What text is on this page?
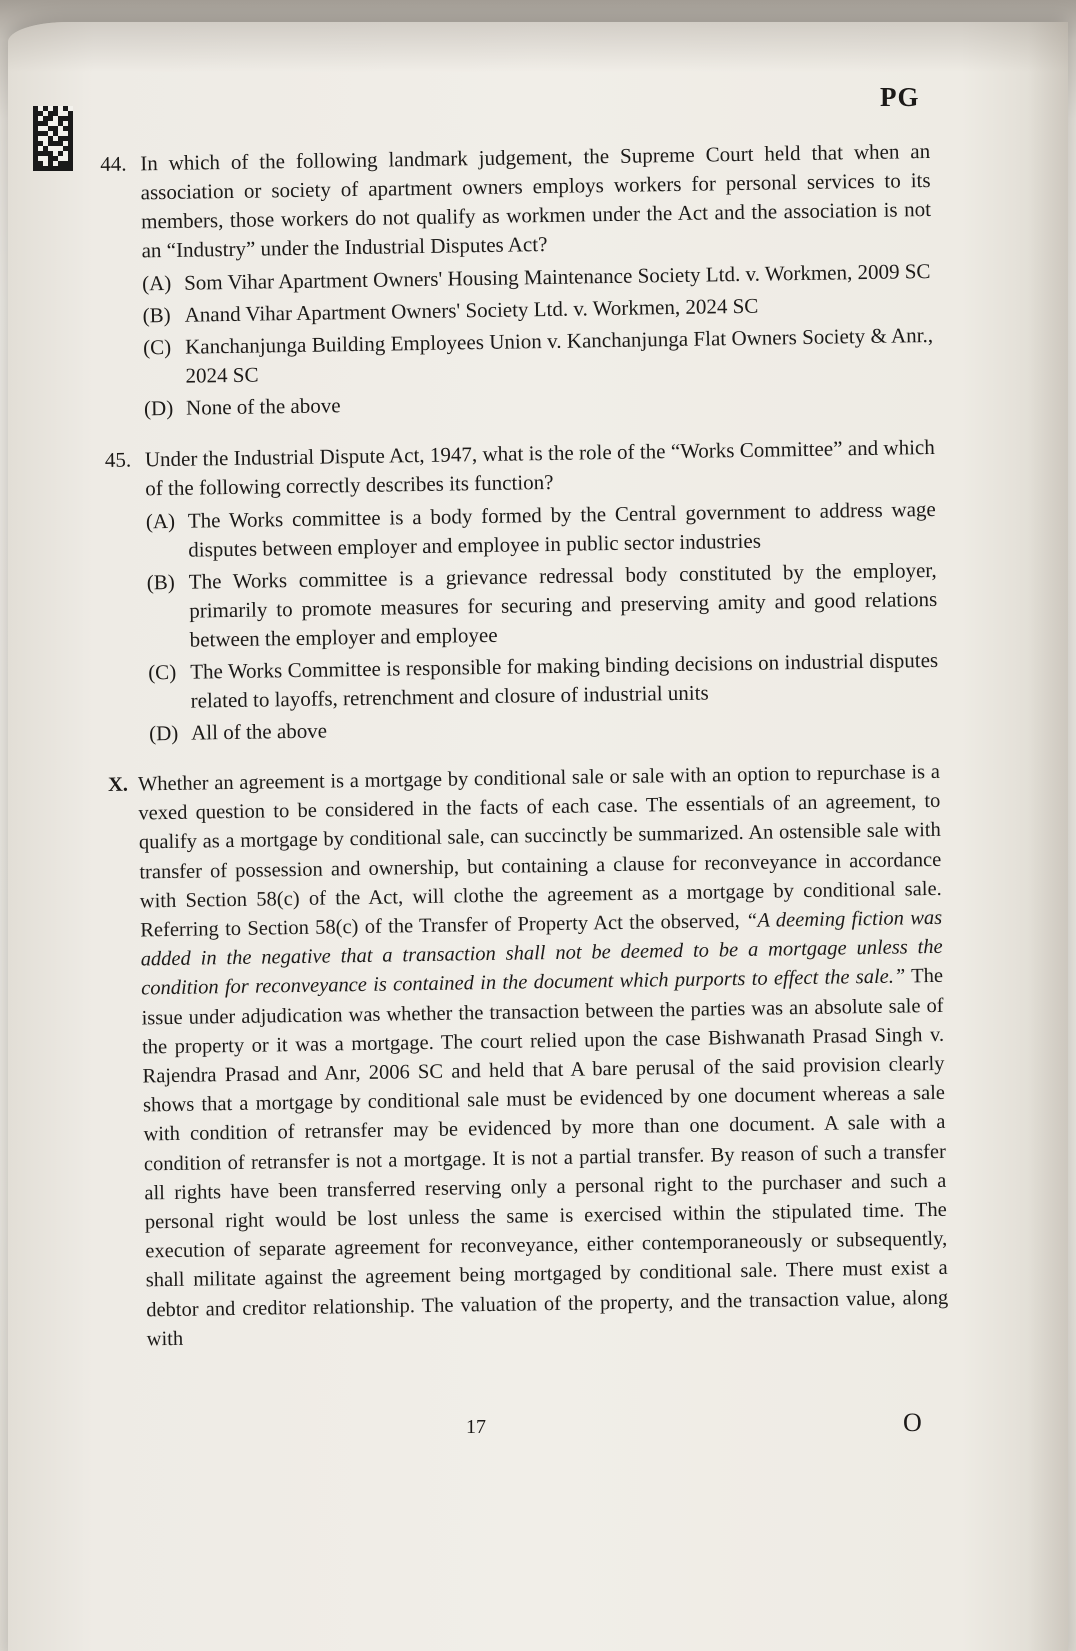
PG
44. In which of the following landmark judgement, the Supreme Court held that when an association or society of apartment owners employs workers for personal services to its members, those workers do not qualify as workmen under the Act and the association is not an “Industry” under the Industrial Disputes Act?
(A) Som Vihar Apartment Owners' Housing Maintenance Society Ltd. v. Workmen, 2009 SC
(B) Anand Vihar Apartment Owners' Society Ltd. v. Workmen, 2024 SC
(C) Kanchanjunga Building Employees Union v. Kanchanjunga Flat Owners Society & Anr., 2024 SC
(D) None of the above
45. Under the Industrial Dispute Act, 1947, what is the role of the “Works Committee” and which of the following correctly describes its function?
(A) The Works committee is a body formed by the Central government to address wage disputes between employer and employee in public sector industries
(B) The Works committee is a grievance redressal body constituted by the employer, primarily to promote measures for securing and preserving amity and good relations between the employer and employee
(C) The Works Committee is responsible for making binding decisions on industrial disputes related to layoffs, retrenchment and closure of industrial units
(D) All of the above
X. Whether an agreement is a mortgage by conditional sale or sale with an option to repurchase is a vexed question to be considered in the facts of each case. The essentials of an agreement, to qualify as a mortgage by conditional sale, can succinctly be summarized. An ostensible sale with transfer of possession and ownership, but containing a clause for reconveyance in accordance with Section 58(c) of the Act, will clothe the agreement as a mortgage by conditional sale. Referring to Section 58(c) of the Transfer of Property Act the observed, “A deeming fiction was added in the negative that a transaction shall not be deemed to be a mortgage unless the condition for reconveyance is contained in the document which purports to effect the sale.” The issue under adjudication was whether the transaction between the parties was an absolute sale of the property or it was a mortgage. The court relied upon the case Bishwanath Prasad Singh v. Rajendra Prasad and Anr, 2006 SC and held that A bare perusal of the said provision clearly shows that a mortgage by conditional sale must be evidenced by one document whereas a sale with condition of retransfer may be evidenced by more than one document. A sale with a condition of retransfer is not a mortgage. It is not a partial transfer. By reason of such a transfer all rights have been transferred reserving only a personal right to the purchaser and such a personal right would be lost unless the same is exercised within the stipulated time. The execution of separate agreement for reconveyance, either contemporaneously or subsequently, shall militate against the agreement being mortgaged by conditional sale. There must exist a debtor and creditor relationship. The valuation of the property, and the transaction value, along with
17	O
